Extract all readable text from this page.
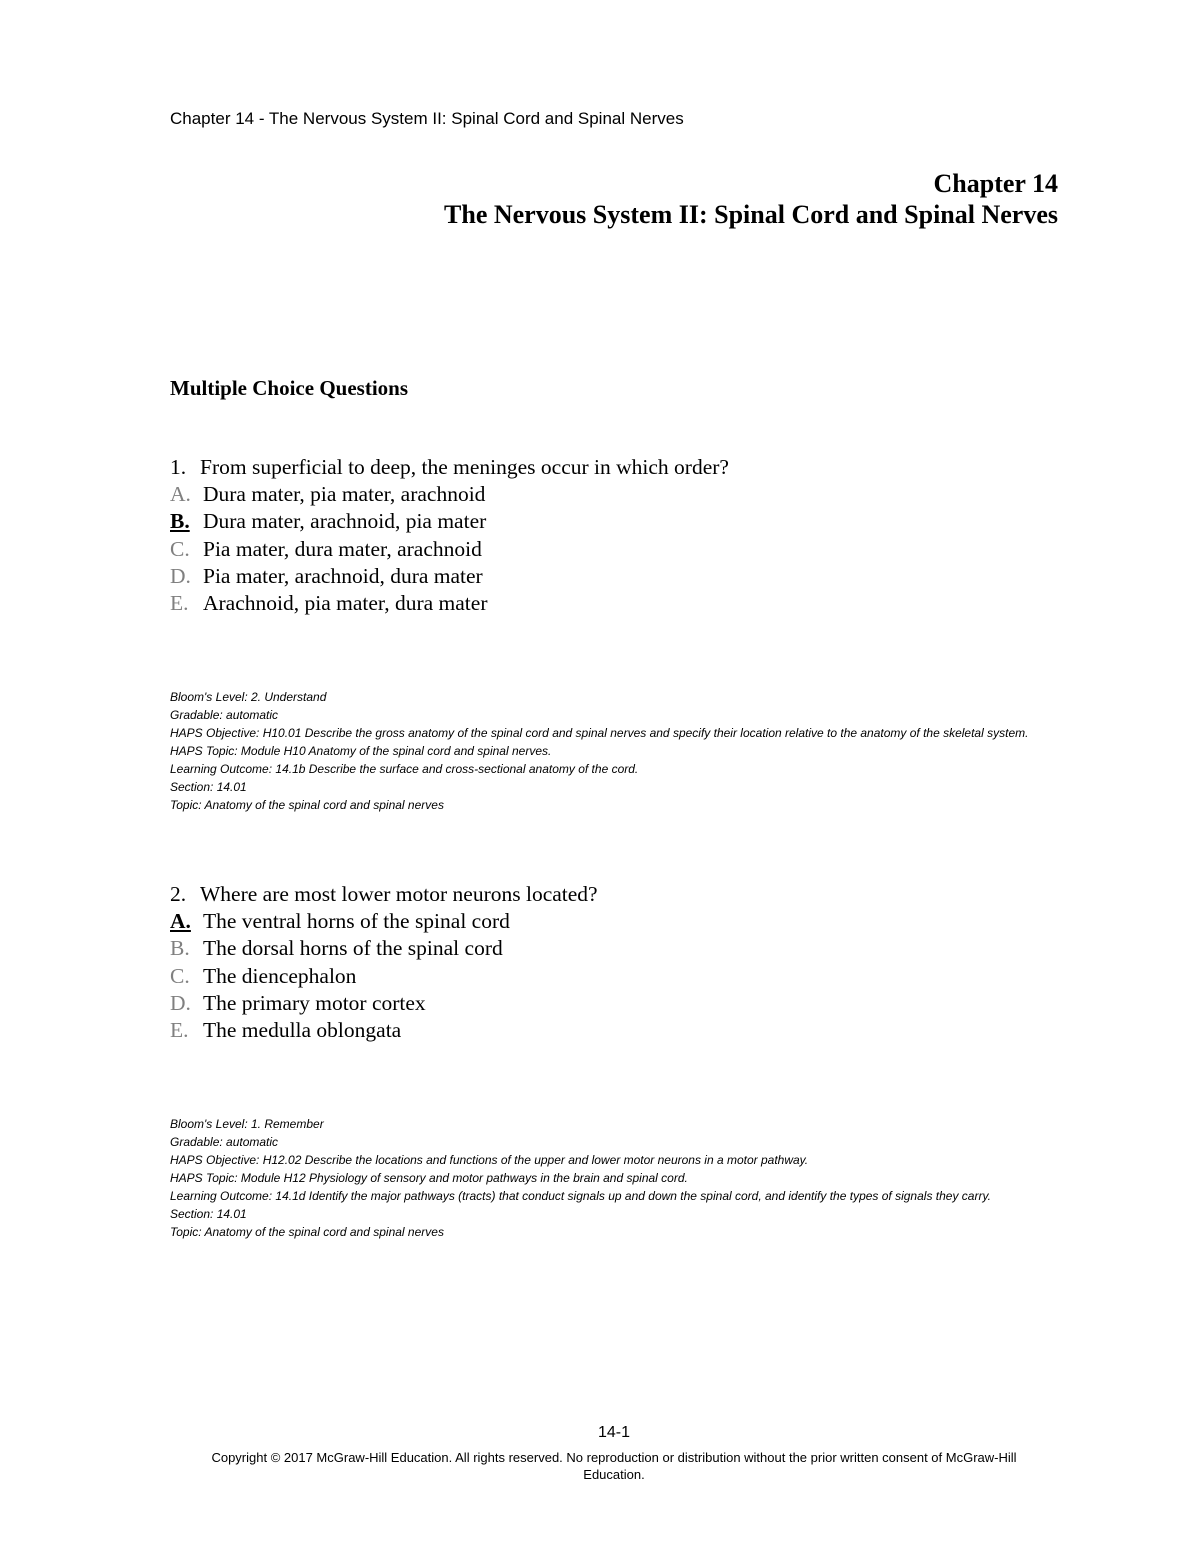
Chapter 14 - The Nervous System II: Spinal Cord and Spinal Nerves
Chapter 14
The Nervous System II: Spinal Cord and Spinal Nerves
Multiple Choice Questions
1. From superficial to deep, the meninges occur in which order?
A. Dura mater, pia mater, arachnoid
B. Dura mater, arachnoid, pia mater
C. Pia mater, dura mater, arachnoid
D. Pia mater, arachnoid, dura mater
E. Arachnoid, pia mater, dura mater
Bloom's Level: 2. Understand
Gradable: automatic
HAPS Objective: H10.01 Describe the gross anatomy of the spinal cord and spinal nerves and specify their location relative to the anatomy of the skeletal system.
HAPS Topic: Module H10 Anatomy of the spinal cord and spinal nerves.
Learning Outcome: 14.1b Describe the surface and cross-sectional anatomy of the cord.
Section: 14.01
Topic: Anatomy of the spinal cord and spinal nerves
2. Where are most lower motor neurons located?
A. The ventral horns of the spinal cord
B. The dorsal horns of the spinal cord
C. The diencephalon
D. The primary motor cortex
E. The medulla oblongata
Bloom's Level: 1. Remember
Gradable: automatic
HAPS Objective: H12.02 Describe the locations and functions of the upper and lower motor neurons in a motor pathway.
HAPS Topic: Module H12 Physiology of sensory and motor pathways in the brain and spinal cord.
Learning Outcome: 14.1d Identify the major pathways (tracts) that conduct signals up and down the spinal cord, and identify the types of signals they carry.
Section: 14.01
Topic: Anatomy of the spinal cord and spinal nerves
14-1
Copyright © 2017 McGraw-Hill Education. All rights reserved. No reproduction or distribution without the prior written consent of McGraw-Hill Education.
